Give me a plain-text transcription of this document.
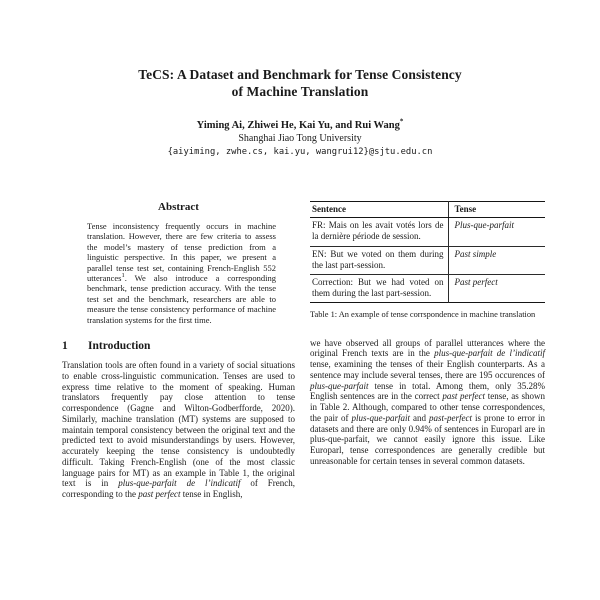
TeCS: A Dataset and Benchmark for Tense Consistency
of Machine Translation
Yiming Ai, Zhiwei He, Kai Yu, and Rui Wang*
Shanghai Jiao Tong University
{aiyiming, zwhe.cs, kai.yu, wangrui12}@sjtu.edu.cn
Abstract

Tense inconsistency frequently occurs in machine translation. However, there are few criteria to assess the model’s mastery of tense prediction from a linguistic perspective. In this paper, we present a parallel tense test set, containing French-English 552 utterances$^1$. We also introduce a corresponding benchmark, tense prediction accuracy. With the tense test set and the benchmark, researchers are able to measure the tense consistency performance of machine translation systems for the first time.

1 Introduction

Translation tools are often found in a variety of social situations to enable cross-linguistic communication. Tenses are used to express time relative to the moment of speaking. Human translators frequently pay close attention to tense correspondence (Gagne and Wilton-Godberfforde, 2020). Similarly, machine translation (MT) systems are supposed to maintain temporal consistency between the original text and the predicted text to avoid misunderstandings by users. However, accurately keeping the tense consistency is undoubtedly difficult. Taking French-English (one of the most classic language pairs for MT) as an example in Table 1, the original text is in plus-que-parfait de l’indicatif of French, corresponding to the past perfect tense in English,

Sentence	Tense
FR: Mais on les avait votés lors de la dernière période de session.	Plus-que-parfait
EN: But we voted on them during the last part-session.	Past simple
Correction: But we had voted on them during the last part-session.	Past perfect
Table 1: An example of tense corrspondence in machine translation

we have observed all groups of parallel utterances where the original French texts are in the plus-que-parfait de l’indicatif tense, examining the tenses of their English counterparts. As a sentence may include several tenses, there are 195 occurences of plus-que-parfait tense in total. Among them, only 35.28% English sentences are in the correct past perfect tense, as shown in Table 2. Although, compared to other tense correspondences, the pair of plus-que-parfait and past-perfect is prone to error in datasets and there are only 0.94% of sentences in Europarl are in plus-que-parfait, we cannot easily ignore this issue. Like Europarl, tense correspondences are generally credible but unreasonable for certain tenses in several common datasets.
